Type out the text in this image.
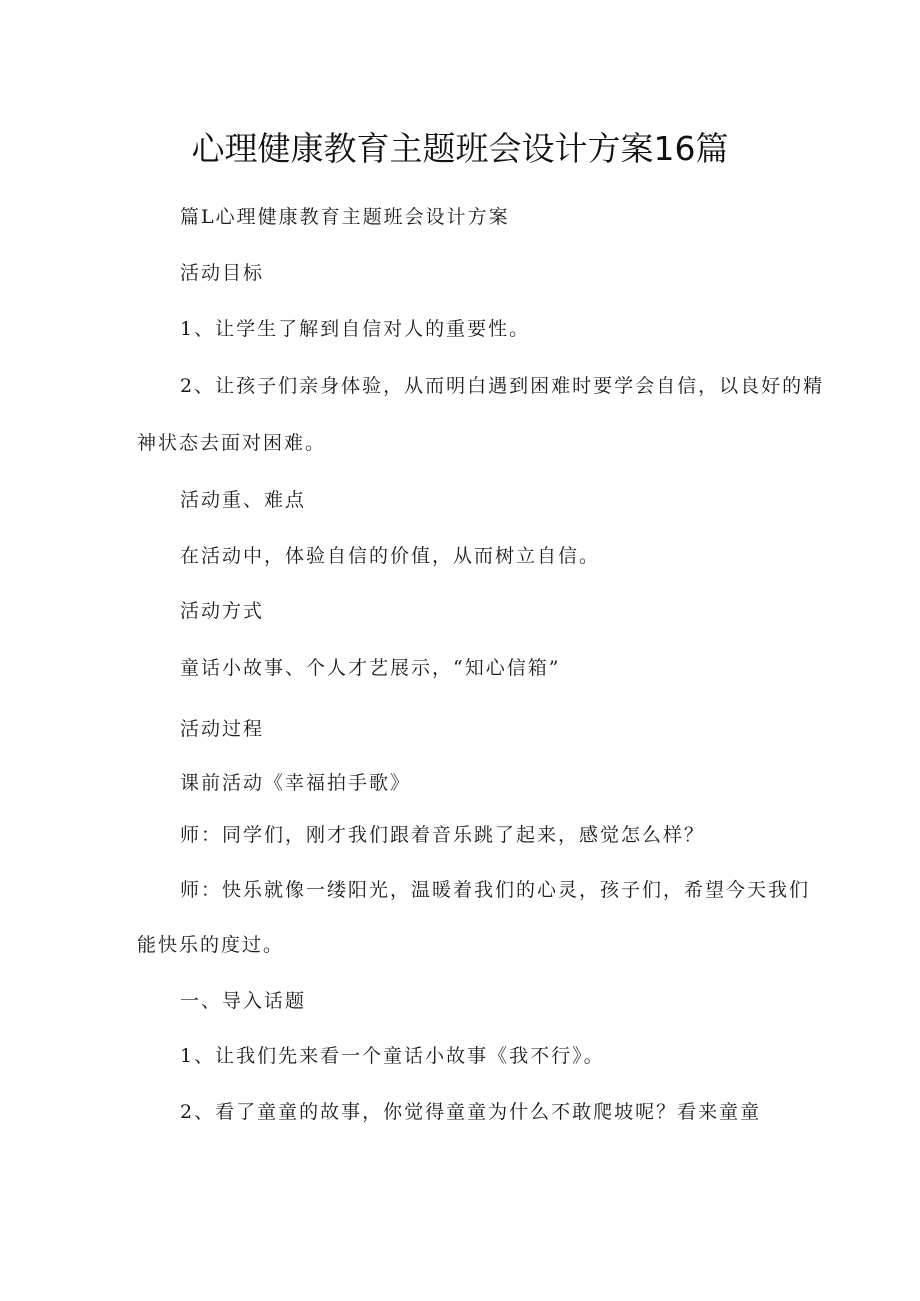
心理健康教育主题班会设计方案16篇

篇L心理健康教育主题班会设计方案

活动目标

1、让学生了解到自信对人的重要性。

2、让孩子们亲身体验，从而明白遇到困难时要学会自信，以良好的精

神状态去面对困难。

活动重、难点

在活动中，体验自信的价值，从而树立自信。

活动方式

童话小故事、个人才艺展示，“知心信箱”

活动过程

课前活动《幸福拍手歌》

师：同学们，刚才我们跟着音乐跳了起来，感觉怎么样？

师：快乐就像一缕阳光，温暖着我们的心灵，孩子们，希望今天我们

能快乐的度过。

一、导入话题

1、让我们先来看一个童话小故事《我不行》。

2、看了童童的故事，你觉得童童为什么不敢爬坡呢？看来童童
